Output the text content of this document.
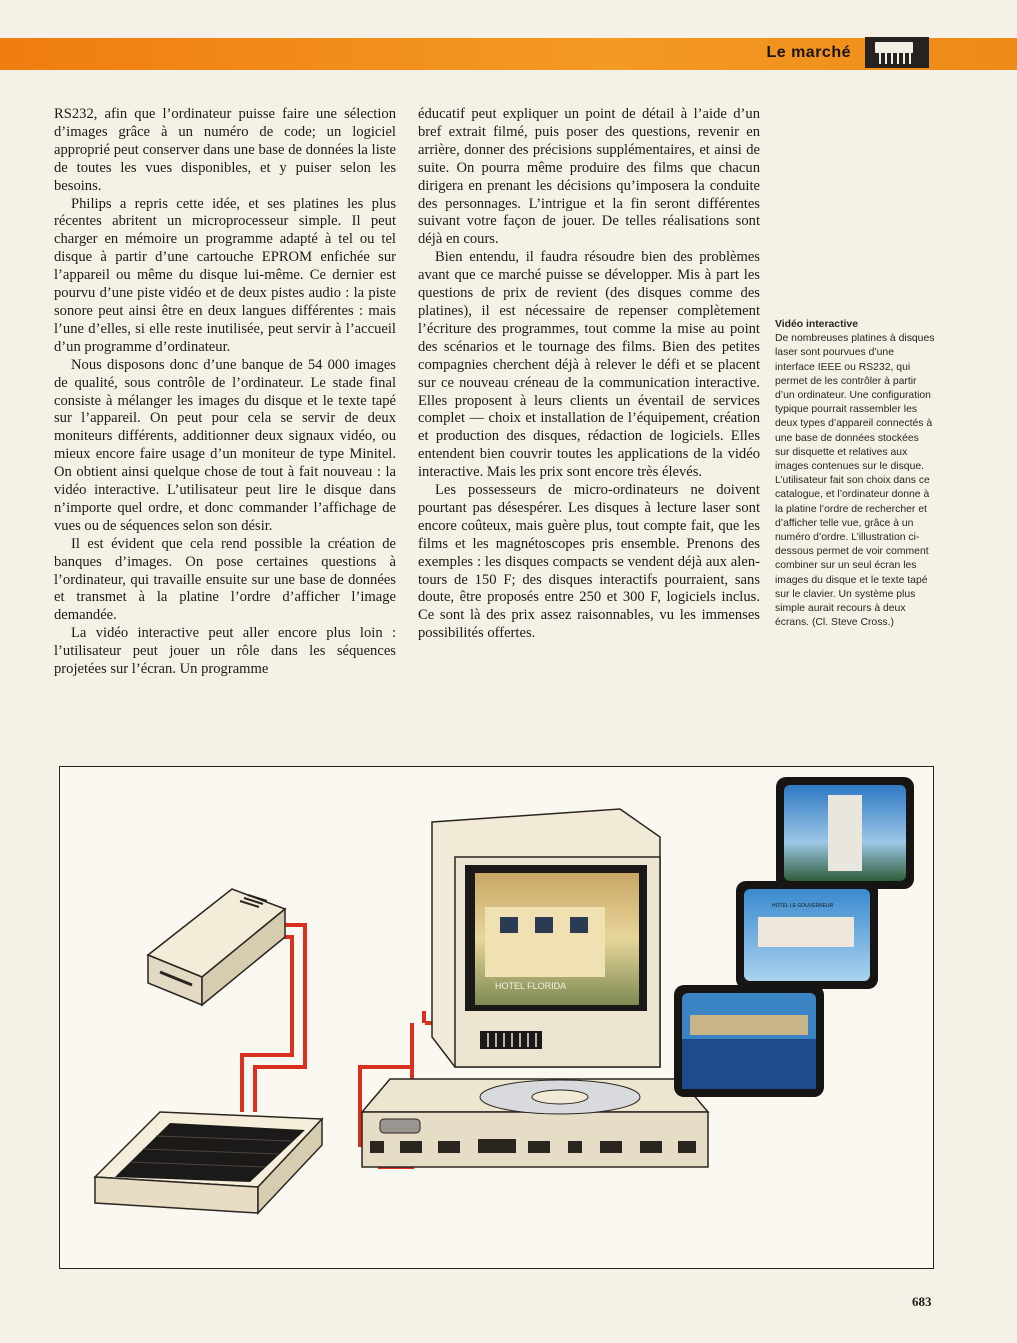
Le marché

RS232, afin que l’ordinateur puisse faire une sélection d’images grâce à un numéro de code; un logiciel approprié peut conserver dans une base de données la liste de toutes les vues disponibles, et y puiser selon les besoins.

Philips a repris cette idée, et ses platines les plus récentes abritent un microprocesseur simple. Il peut charger en mémoire un programme adapté à tel ou tel disque à partir d’une cartouche EPROM enfichée sur l’appareil ou même du disque lui-même. Ce dernier est pourvu d’une piste vidéo et de deux pistes audio : la piste sonore peut ainsi être en deux langues différentes : mais l’une d’elles, si elle reste inutilisée, peut servir à l’accueil d’un programme d’ordinateur.

Nous disposons donc d’une banque de 54 000 images de qualité, sous contrôle de l’ordinateur. Le stade final consiste à mélanger les images du disque et le texte tapé sur l’appareil. On peut pour cela se servir de deux moniteurs différents, additionner deux signaux vidéo, ou mieux encore faire usage d’un moniteur de type Minitel. On obtient ainsi quelque chose de tout à fait nouveau : la vidéo interactive. L’utilisateur peut lire le disque dans n’importe quel ordre, et donc commander l’affichage de vues ou de séquences selon son désir.

Il est évident que cela rend possible la création de banques d’images. On pose certaines questions à l’ordinateur, qui travaille ensuite sur une base de données et transmet à la platine l’ordre d’afficher l’image demandée.

La vidéo interactive peut aller encore plus loin : l’utilisateur peut jouer un rôle dans les séquences projetées sur l’écran. Un programme

éducatif peut expliquer un point de détail à l’aide d’un bref extrait filmé, puis poser des questions, revenir en arrière, donner des précisions supplémentaires, et ainsi de suite. On pourra même produire des films que chacun dirigera en prenant les décisions qu’imposera la conduite des personnages. L’intrigue et la fin seront différentes suivant votre façon de jouer. De telles réalisations sont déjà en cours.

Bien entendu, il faudra résoudre bien des problèmes avant que ce marché puisse se développer. Mis à part les questions de prix de revient (des disques comme des platines), il est nécessaire de repenser complètement l’écriture des programmes, tout comme la mise au point des scénarios et le tournage des films. Bien des petites compagnies cherchent déjà à relever le défi et se placent sur ce nouveau créneau de la communication interactive. Elles proposent à leurs clients un éventail de services complet — choix et installation de l’équipement, création et production des disques, rédaction de logiciels. Elles entendent bien couvrir toutes les applications de la vidéo interactive. Mais les prix sont encore très élevés.

Les possesseurs de micro-ordinateurs ne doivent pourtant pas désespérer. Les disques à lecture laser sont encore coûteux, mais guère plus, tout compte fait, que les films et les magnétoscopes pris ensemble. Prenons des exemples : les disques compacts se vendent déjà aux alentours de 150 F; des disques interactifs pourraient, sans doute, être proposés entre 250 et 300 F, logiciels inclus. Ce sont là des prix assez raisonnables, vu les immenses possibilités offertes.

Vidéo interactive
De nombreuses platines à disques laser sont pourvues d’une interface IEEE ou RS232, qui permet de les contrôler à partir d’un ordinateur. Une configuration typique pourrait rassembler les deux types d’appareil connectés à une base de données stockées sur disquette et relatives aux images contenues sur le disque. L’utilisateur fait son choix dans ce catalogue, et l’ordinateur donne à la platine l’ordre de rechercher et d’afficher telle vue, grâce à un numéro d’ordre. L’illustration ci-dessous permet de voir comment combiner sur un seul écran les images du disque et le texte tapé sur le clavier. Un système plus simple aurait recours à deux écrans. (Cl. Steve Cross.)
HOTEL FLORIDA
HOTEL LE GOUVERNEUR
683
